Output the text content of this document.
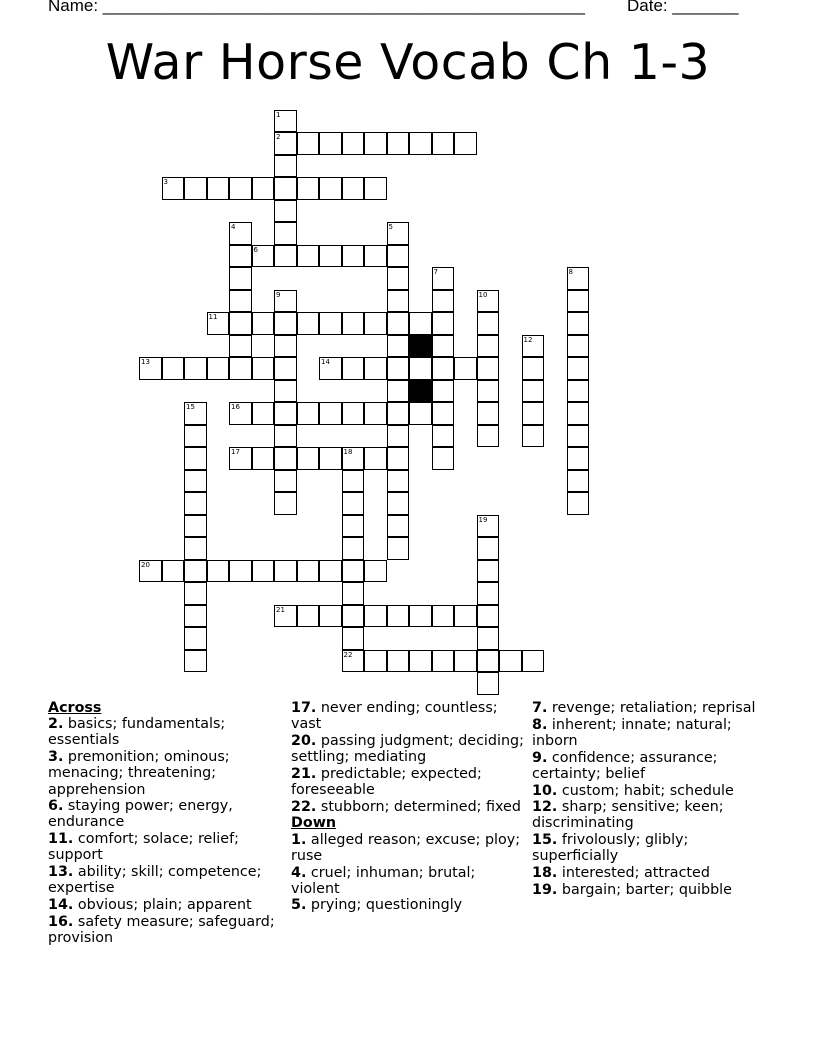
Name: ___________________________________________________ Date: _______
War Horse Vocab Ch 1-3
2
3
6
11
13	14
16
17	18
20
21
22
1
4	5
7	8
9	10
12
15
19
Across
2. basics; fundamentals; essentials
3. premonition; ominous; menacing; threatening; apprehension
6. staying power; energy, endurance
11. comfort; solace; relief; support
13. ability; skill; competence; expertise
14. obvious; plain; apparent
16. safety measure; safeguard; provision
17. never ending; countless; vast
20. passing judgment; deciding; settling; mediating
21. predictable; expected; foreseeable
22. stubborn; determined; fixed
Down
1. alleged reason; excuse; ploy; ruse
4. cruel; inhuman; brutal; violent
5. prying; questioningly
7. revenge; retaliation; reprisal
8. inherent; innate; natural; inborn
9. confidence; assurance; certainty; belief
10. custom; habit; schedule
12. sharp; sensitive; keen; discriminating
15. frivolously; glibly; superficially
18. interested; attracted
19. bargain; barter; quibble
